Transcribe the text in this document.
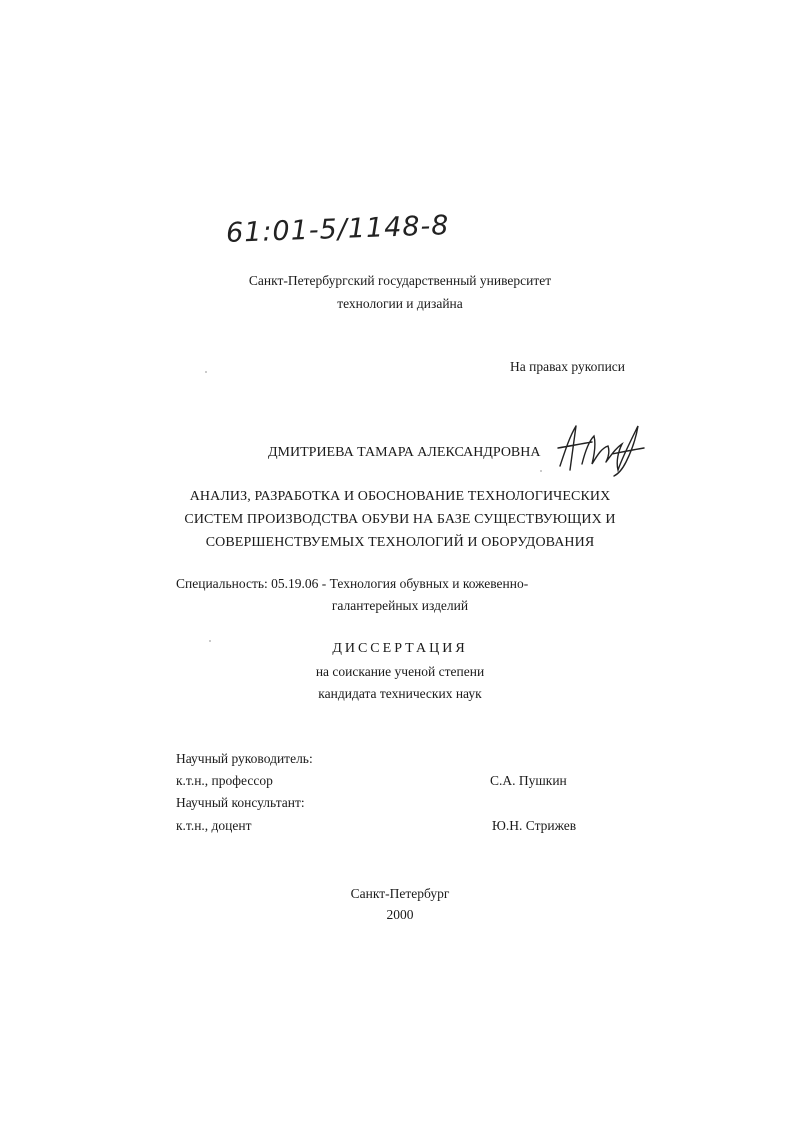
61:01-5/1148-8
Санкт-Петербургский государственный университет
технологии и дизайна
На правах рукописи
ДМИТРИЕВА ТАМАРА АЛЕКСАНДРОВНА
АНАЛИЗ, РАЗРАБОТКА И ОБОСНОВАНИЕ ТЕХНОЛОГИЧЕСКИХ
СИСТЕМ ПРОИЗВОДСТВА ОБУВИ НА БАЗЕ СУЩЕСТВУЮЩИХ И
СОВЕРШЕНСТВУЕМЫХ ТЕХНОЛОГИЙ И ОБОРУДОВАНИЯ
Специальность: 05.19.06 - Технология обувных и кожевенно-
галантерейных изделий
ДИССЕРТАЦИЯ
на соискание ученой степени
кандидата технических наук
Научный руководитель:
к.т.н., профессор	С.А. Пушкин
Научный консультант:
к.т.н., доцент	Ю.Н. Стрижев
Санкт-Петербург
2000
